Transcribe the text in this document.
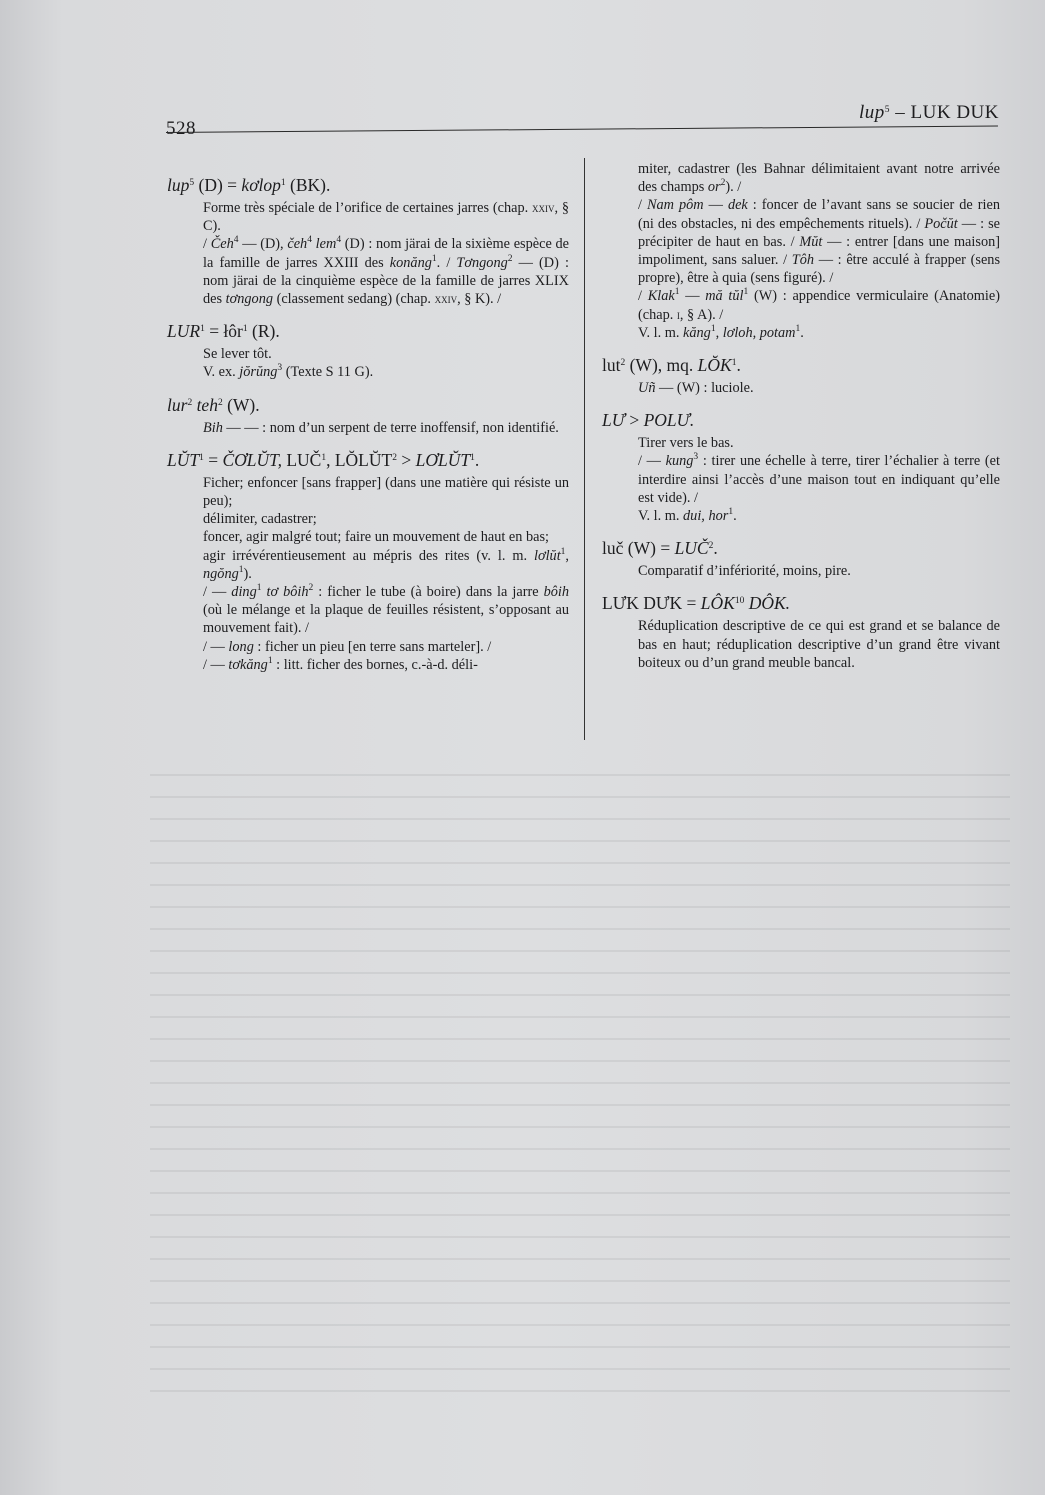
528
lup$^5$ – LUK DUK
lup$^5$ (D) = kơlop$^1$ (BK).

Forme très spéciale de l’orifice de certaines jarres (chap. xxiv, § C).

/ Čeh$^4$ — (D), čeh$^4$ lem$^4$ (D) : nom järai de la sixième espèce de la famille de jarres XXIII des konăng$^1$. / Tơngong$^2$ — (D) : nom järai de la cinquième espèce de la famille de jarres XLIX des tơngong (classement sedang) (chap. xxiv, § K). /

$LUR^1$ = łôr$^1$ (R).

Se lever tôt.

V. ex. jŏrŭng$^3$ (Texte S 11 G).

lur$^2$ teh$^2$ (W).

Bih — — : nom d’un serpent de terre inoffensif, non identifié.

$LŬT^1$ = ČƠLŬT, LUČ$^1$, $LŎLŬT^2$ > $LƠLŬT^1$.

Ficher; enfoncer [sans frapper] (dans une matière qui résiste un peu);

délimiter, cadastrer;

foncer, agir malgré tout; faire un mouvement de haut en bas;

agir irrévérentieusement au mépris des rites (v. l. m. lơlŭt$^1$, ngŏng$^1$).

/ — ding$^1$ tơ bôih$^2$ : ficher le tube (à boire) dans la jarre bôih (où le mélange et la plaque de feuilles résistent, s’opposant au mouvement fait). /

/ — long : ficher un pieu [en terre sans marteler]. /

/ — tơkăng$^1$ : litt. ficher des bornes, c.-à-d. déli-

miter, cadastrer (les Bahnar délimitaient avant notre arrivée des champs $or^2$). /

/ Nam pôm — dek : foncer de l’avant sans se soucier de rien (ni des obstacles, ni des empêchements rituels). / Počŭt — : se précipiter de haut en bas. / Mŭt — : entrer [dans une maison] impoliment, sans saluer. / Tôh — : être acculé à frapper (sens propre), être à quia (sens figuré). /

/ Klak$^1$ — mă tŭl$^1$ (W) : appendice vermiculaire (Anatomie) (chap. i, § A). /

V. l. m. kăng$^1$, lơloh, potam$^1$.

lut$^2$ (W), mq. LŎK$^1$.

Uñ — (W) : luciole.

LƯ > POLƯ.

Tirer vers le bas.

/ — kung$^3$ : tirer une échelle à terre, tirer l’échalier à terre (et interdire ainsi l’accès d’une maison tout en indiquant qu’elle est vide). /

V. l. m. dui, hor$^1$.

luč $(W) = LUČ^2$.

Comparatif d’infériorité, moins, pire.

LƯK DƯK = $LÔK^{10}$ DÔK.

Réduplication descriptive de ce qui est grand et se balance de bas en haut; réduplication descriptive d’un grand être vivant boiteux ou d’un grand meuble bancal.
